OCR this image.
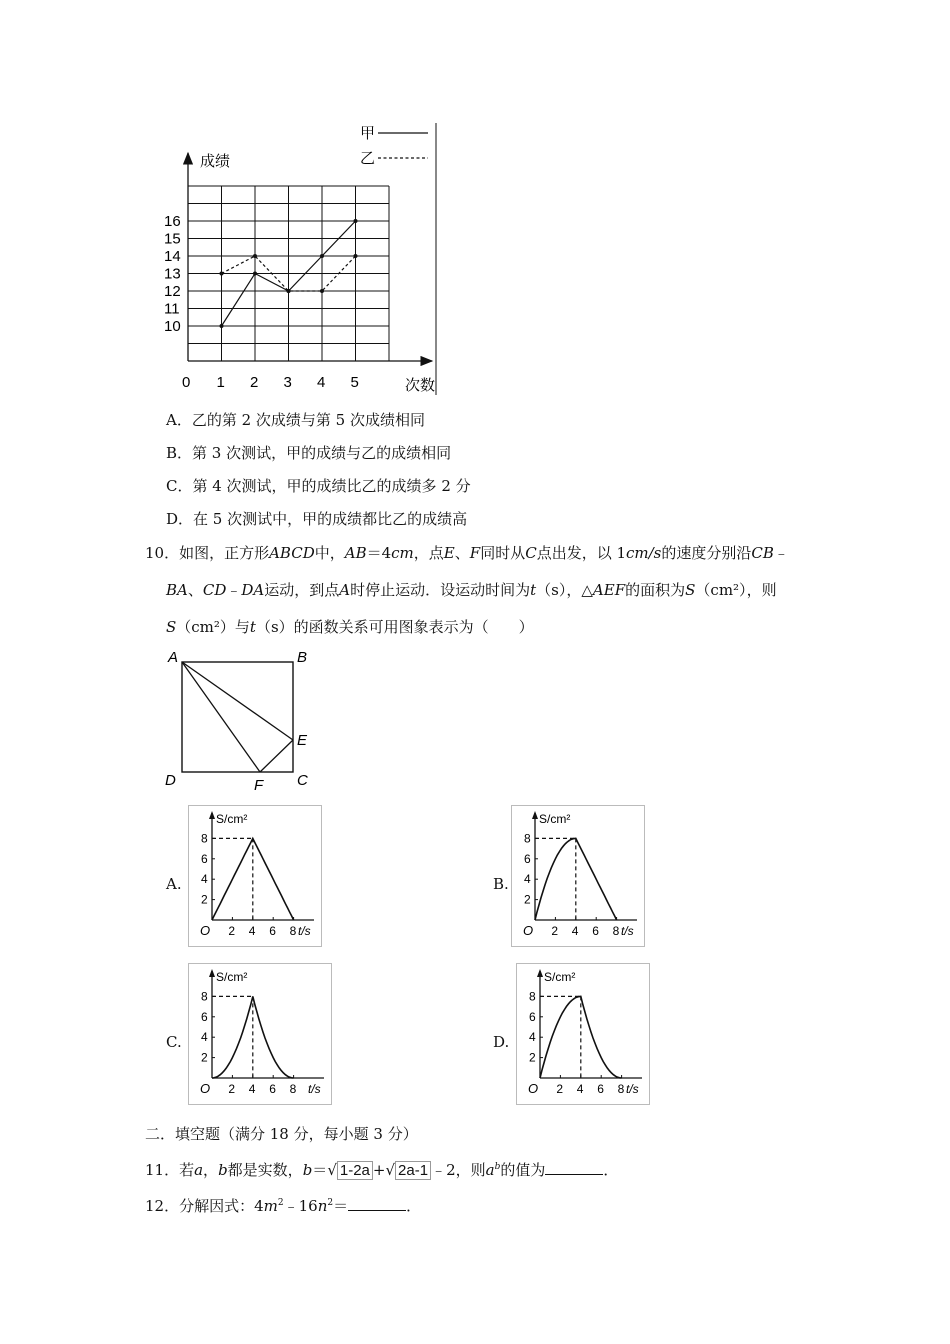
10
11
12
13
14
15
16
1 2 3 4 5
甲
乙
成绩
次数
0
A．乙的第 2 次成绩与第 5 次成绩相同
B．第 3 次测试，甲的成绩与乙的成绩相同
C．第 4 次测试，甲的成绩比乙的成绩多 2 分
D．在 5 次测试中，甲的成绩都比乙的成绩高
10．如图，正方形ABCD中，AB＝4cm，点E、F同时从C点出发，以 1cm/s的速度分别沿CB﹣
BA、CD﹣DA运动，到点A时停止运动．设运动时间为t（s），△AEF的面积为S（cm²），则
S（cm²）与t（s）的函数关系可用图象表示为（　　）
A	B
C
D
E
F
A.	B.
C.	D.
2
4
6
8
2 4 6 8
O
S/cm²
t/s
2
4
6
8
2 4 6 8
O
S/cm²
t/s
2
4
6
8
2 4 6 8
O
S/cm²
t/s
2
4
6
8
2 4 6 8
O
S/cm²
t/s
二．填空题（满分 18 分，每小题 3 分）
11．若a，b都是实数，b＝√ 1-2a +√ 2a-1 ﹣2，则$a^b$的值为	．
12．分解因式：$4m^2﹣16n^2=$	．
